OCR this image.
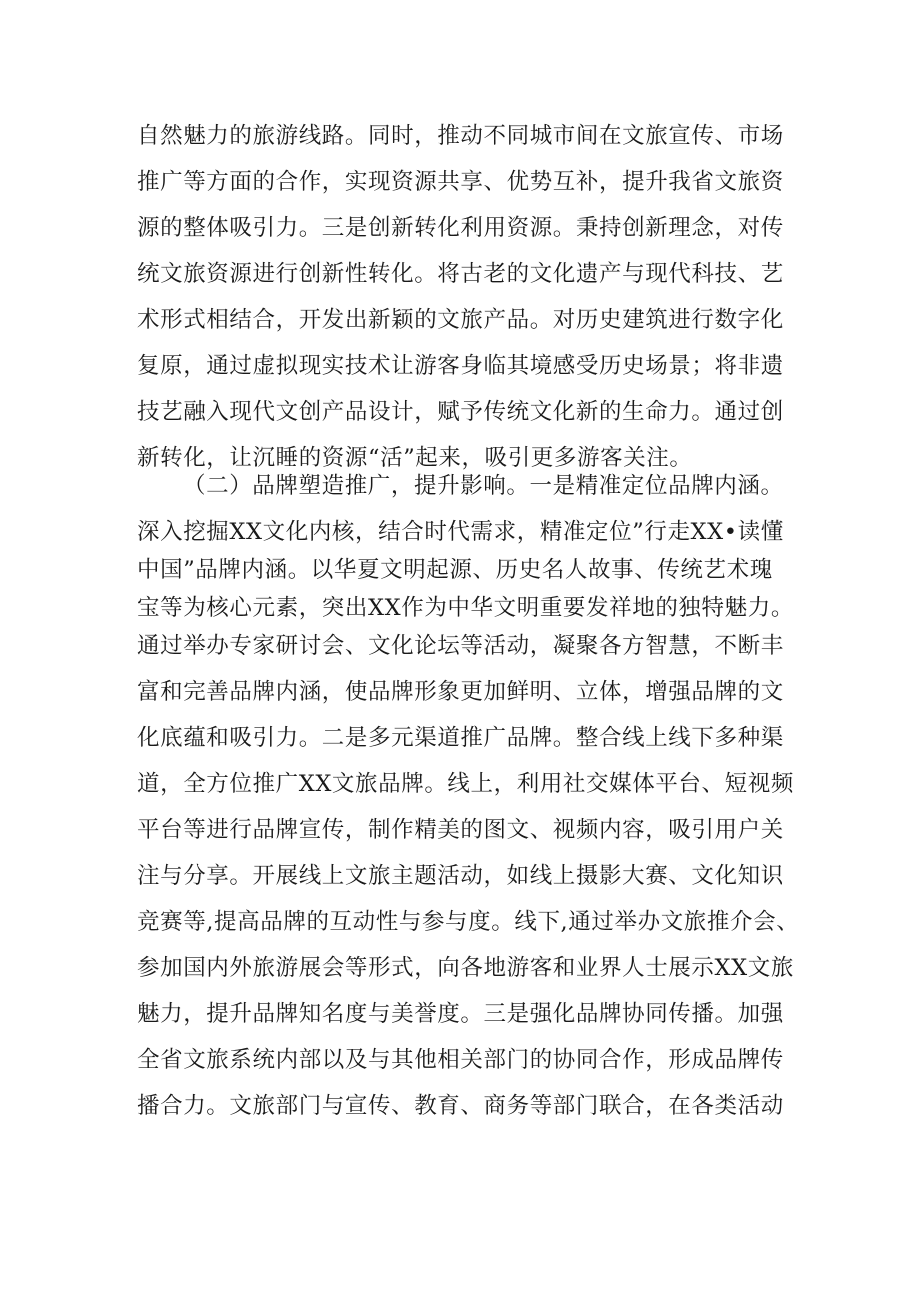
自然魅力的旅游线路。同时，推动不同城市间在文旅宣传、市场
推广等方面的合作，实现资源共享、优势互补，提升我省文旅资
源的整体吸引力。三是创新转化利用资源。秉持创新理念，对传
统文旅资源进行创新性转化。将古老的文化遗产与现代科技、艺
术形式相结合，开发出新颖的文旅产品。对历史建筑进行数字化
复原，通过虚拟现实技术让游客身临其境感受历史场景；将非遗
技艺融入现代文创产品设计，赋予传统文化新的生命力。通过创
新转化，让沉睡的资源“活”起来，吸引更多游客关注。
（二）品牌塑造推广，提升影响。一是精准定位品牌内涵。
深入挖掘XX文化内核，结合时代需求，精准定位”行走XX•读懂
中国”品牌内涵。以华夏文明起源、历史名人故事、传统艺术瑰
宝等为核心元素，突出XX作为中华文明重要发祥地的独特魅力。
通过举办专家研讨会、文化论坛等活动，凝聚各方智慧，不断丰
富和完善品牌内涵，使品牌形象更加鲜明、立体，增强品牌的文
化底蕴和吸引力。二是多元渠道推广品牌。整合线上线下多种渠
道，全方位推广XX文旅品牌。线上，利用社交媒体平台、短视频
平台等进行品牌宣传，制作精美的图文、视频内容，吸引用户关
注与分享。开展线上文旅主题活动，如线上摄影大赛、文化知识
竞赛等,提高品牌的互动性与参与度。线下,通过举办文旅推介会、
参加国内外旅游展会等形式，向各地游客和业界人士展示XX文旅
魅力，提升品牌知名度与美誉度。三是强化品牌协同传播。加强
全省文旅系统内部以及与其他相关部门的协同合作，形成品牌传
播合力。文旅部门与宣传、教育、商务等部门联合，在各类活动
